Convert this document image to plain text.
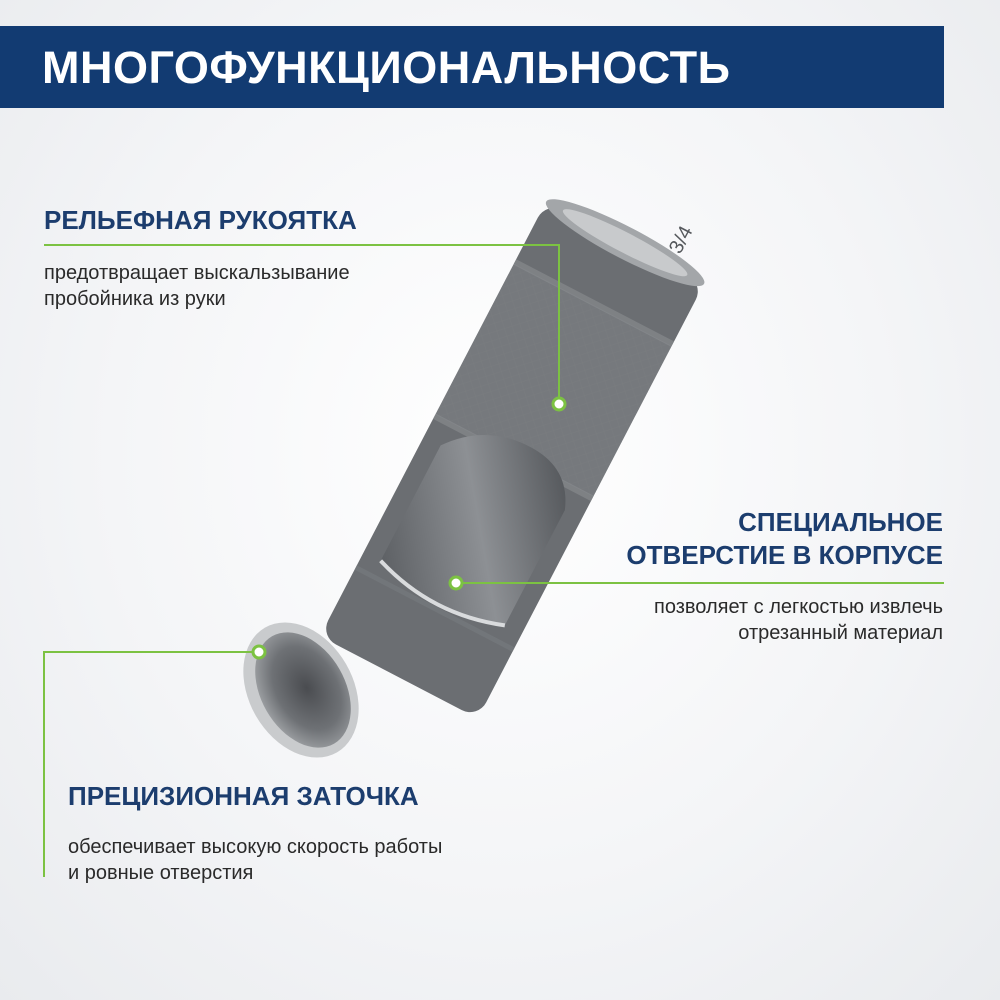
МНОГОФУНКЦИОНАЛЬНОСТЬ
3/4
РЕЛЬЕФНАЯ РУКОЯТКА
предотвращает выскальзывание
пробойника из руки
СПЕЦИАЛЬНОЕ
ОТВЕРСТИЕ В КОРПУСЕ
позволяет с легкостью извлечь
отрезанный материал
ПРЕЦИЗИОННАЯ ЗАТОЧКА
обеспечивает высокую скорость работы
и ровные отверстия
